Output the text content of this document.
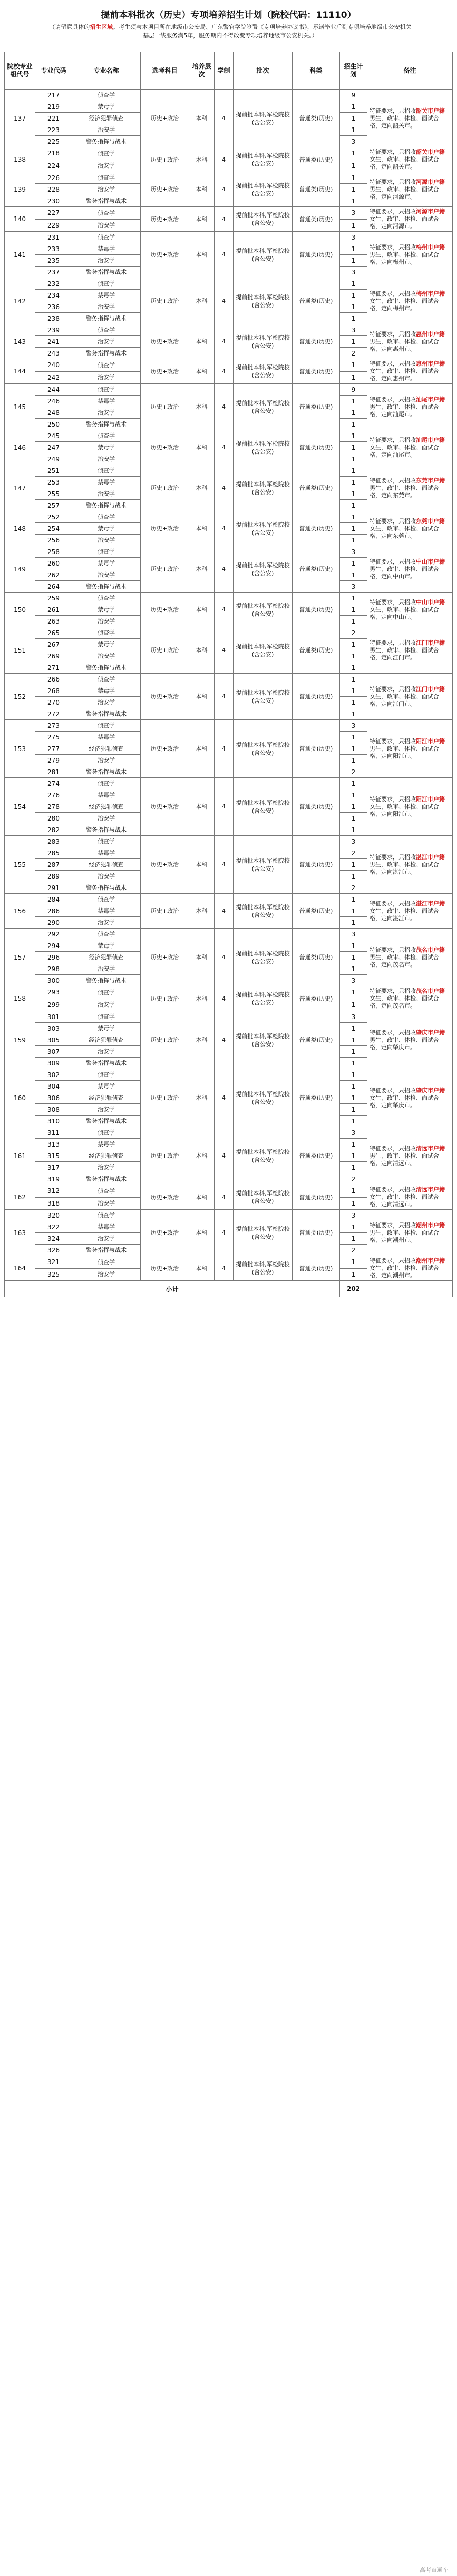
提前本科批次（历史）专项培养招生计划（院校代码：11110）
（请留意具体的招生区域。考生须与本项目所在地级市公安局、广东警官学院签署《专项培养协议书》，承诺毕业后到专项培养地级市公安机关基层一线服务满5年，服务期内不得改变专项培养地级市公安机关。）
院校专业组代号	专业代码	专业名称	选考科目	培养层次	学制	批次	科类	招生计划	备注
137	217	侦查学	历史+政治	本科	4	提前批本科,军检院校(含公安)	普通类(历史)	9	特征要求，只招收韶关市户籍男生，政审、体检、面试合格，定向韶关市。
	219	禁毒学						1	
	221	经济犯罪侦查						1	
	223	治安学						1	
	225	警务指挥与战术						3	
138	218	侦查学	历史+政治	本科	4	提前批本科,军检院校(含公安)	普通类(历史)	1	特征要求，只招收韶关市户籍女生，政审、体检、面试合格，定向韶关市。
	224	治安学						1	
139	226	侦查学	历史+政治	本科	4	提前批本科,军检院校(含公安)	普通类(历史)	1	特征要求，只招收河源市户籍男生，政审、体检、面试合格，定向河源市。
	228	治安学						1	
	230	警务指挥与战术						1	
140	227	侦查学	历史+政治	本科	4	提前批本科,军检院校(含公安)	普通类(历史)	3	特征要求，只招收河源市户籍女生，政审、体检、面试合格，定向河源市。
	229	治安学						1	
141	231	侦查学	历史+政治	本科	4	提前批本科,军检院校(含公安)	普通类(历史)	3	特征要求，只招收梅州市户籍男生，政审、体检、面试合格，定向梅州市。
	233	禁毒学						1	
	235	治安学						1	
	237	警务指挥与战术						3	
142	232	侦查学	历史+政治	本科	4	提前批本科,军检院校(含公安)	普通类(历史)	1	特征要求，只招收梅州市户籍女生，政审、体检、面试合格，定向梅州市。
	234	禁毒学						1	
	236	治安学						1	
	238	警务指挥与战术						1	
143	239	侦查学	历史+政治	本科	4	提前批本科,军检院校(含公安)	普通类(历史)	3	特征要求，只招收惠州市户籍男生，政审、体检、面试合格，定向惠州市。
	241	治安学						1	
	243	警务指挥与战术						2	
144	240	侦查学	历史+政治	本科	4	提前批本科,军检院校(含公安)	普通类(历史)	1	特征要求，只招收惠州市户籍女生，政审、体检、面试合格，定向惠州市。
	242	治安学						1	
145	244	侦查学	历史+政治	本科	4	提前批本科,军检院校(含公安)	普通类(历史)	9	特征要求，只招收汕尾市户籍男生，政审、体检、面试合格，定向汕尾市。
	246	禁毒学						1	
	248	治安学						1	
	250	警务指挥与战术						1	
146	245	侦查学	历史+政治	本科	4	提前批本科,军检院校(含公安)	普通类(历史)	1	特征要求，只招收汕尾市户籍女生，政审、体检、面试合格，定向汕尾市。
	247	禁毒学						1	
	249	治安学						1	
147	251	侦查学	历史+政治	本科	4	提前批本科,军检院校(含公安)	普通类(历史)	1	特征要求，只招收东莞市户籍男生，政审、体检、面试合格，定向东莞市。
	253	禁毒学						1	
	255	治安学						1	
	257	警务指挥与战术						1	
148	252	侦查学	历史+政治	本科	4	提前批本科,军检院校(含公安)	普通类(历史)	1	特征要求，只招收东莞市户籍女生，政审、体检、面试合格，定向东莞市。
	254	禁毒学						1	
	256	治安学						1	
149	258	侦查学	历史+政治	本科	4	提前批本科,军检院校(含公安)	普通类(历史)	3	特征要求，只招收中山市户籍男生，政审、体检、面试合格，定向中山市。
	260	禁毒学						1	
	262	治安学						1	
	264	警务指挥与战术						3	
150	259	侦查学	历史+政治	本科	4	提前批本科,军检院校(含公安)	普通类(历史)	1	特征要求，只招收中山市户籍女生，政审、体检、面试合格，定向中山市。
	261	禁毒学						1	
	263	治安学						1	
151	265	侦查学	历史+政治	本科	4	提前批本科,军检院校(含公安)	普通类(历史)	2	特征要求，只招收江门市户籍男生，政审、体检、面试合格，定向江门市。
	267	禁毒学						1	
	269	治安学						1	
	271	警务指挥与战术						1	
152	266	侦查学	历史+政治	本科	4	提前批本科,军检院校(含公安)	普通类(历史)	1	特征要求，只招收江门市户籍女生，政审、体检、面试合格，定向江门市。
	268	禁毒学						1	
	270	治安学						1	
	272	警务指挥与战术						1	
153	273	侦查学	历史+政治	本科	4	提前批本科,军检院校(含公安)	普通类(历史)	3	特征要求，只招收阳江市户籍男生，政审、体检、面试合格，定向阳江市。
	275	禁毒学						1	
	277	经济犯罪侦查						1	
	279	治安学						1	
	281	警务指挥与战术						2	
154	274	侦查学	历史+政治	本科	4	提前批本科,军检院校(含公安)	普通类(历史)	1	特征要求，只招收阳江市户籍女生，政审、体检、面试合格，定向阳江市。
	276	禁毒学						1	
	278	经济犯罪侦查						1	
	280	治安学						1	
	282	警务指挥与战术						1	
155	283	侦查学	历史+政治	本科	4	提前批本科,军检院校(含公安)	普通类(历史)	3	特征要求，只招收湛江市户籍男生，政审、体检、面试合格，定向湛江市。
	285	禁毒学						2	
	287	经济犯罪侦查						1	
	289	治安学						1	
	291	警务指挥与战术						2	
156	284	侦查学	历史+政治	本科	4	提前批本科,军检院校(含公安)	普通类(历史)	1	特征要求，只招收湛江市户籍女生，政审、体检、面试合格，定向湛江市。
	286	禁毒学						1	
	290	治安学						1	
157	292	侦查学	历史+政治	本科	4	提前批本科,军检院校(含公安)	普通类(历史)	3	特征要求，只招收茂名市户籍男生，政审、体检、面试合格，定向茂名市。
	294	禁毒学						1	
	296	经济犯罪侦查						1	
	298	治安学						1	
	300	警务指挥与战术						3	
158	293	侦查学	历史+政治	本科	4	提前批本科,军检院校(含公安)	普通类(历史)	1	特征要求，只招收茂名市户籍女生，政审、体检、面试合格，定向茂名市。
	299	治安学						1	
159	301	侦查学	历史+政治	本科	4	提前批本科,军检院校(含公安)	普通类(历史)	3	特征要求，只招收肇庆市户籍男生，政审、体检、面试合格，定向肇庆市。
	303	禁毒学						1	
	305	经济犯罪侦查						1	
	307	治安学						1	
	309	警务指挥与战术						1	
160	302	侦查学	历史+政治	本科	4	提前批本科,军检院校(含公安)	普通类(历史)	1	特征要求，只招收肇庆市户籍女生，政审、体检、面试合格，定向肇庆市。
	304	禁毒学						1	
	306	经济犯罪侦查						1	
	308	治安学						1	
	310	警务指挥与战术						1	
161	311	侦查学	历史+政治	本科	4	提前批本科,军检院校(含公安)	普通类(历史)	3	特征要求，只招收清远市户籍男生，政审、体检、面试合格，定向清远市。
	313	禁毒学						1	
	315	经济犯罪侦查						1	
	317	治安学						1	
	319	警务指挥与战术						2	
162	312	侦查学	历史+政治	本科	4	提前批本科,军检院校(含公安)	普通类(历史)	1	特征要求，只招收清远市户籍女生，政审、体检、面试合格，定向清远市。
	318	治安学						1	
163	320	侦查学	历史+政治	本科	4	提前批本科,军检院校(含公安)	普通类(历史)	3	特征要求，只招收潮州市户籍男生，政审、体检、面试合格，定向潮州市。
	322	禁毒学						1	
	324	治安学						1	
	326	警务指挥与战术						2	
164	321	侦查学	历史+政治	本科	4	提前批本科,军检院校(含公安)	普通类(历史)	1	特征要求，只招收潮州市户籍女生，政审、体检、面试合格，定向潮州市。
	325	治安学						1	
小计								202	
高考直通车
